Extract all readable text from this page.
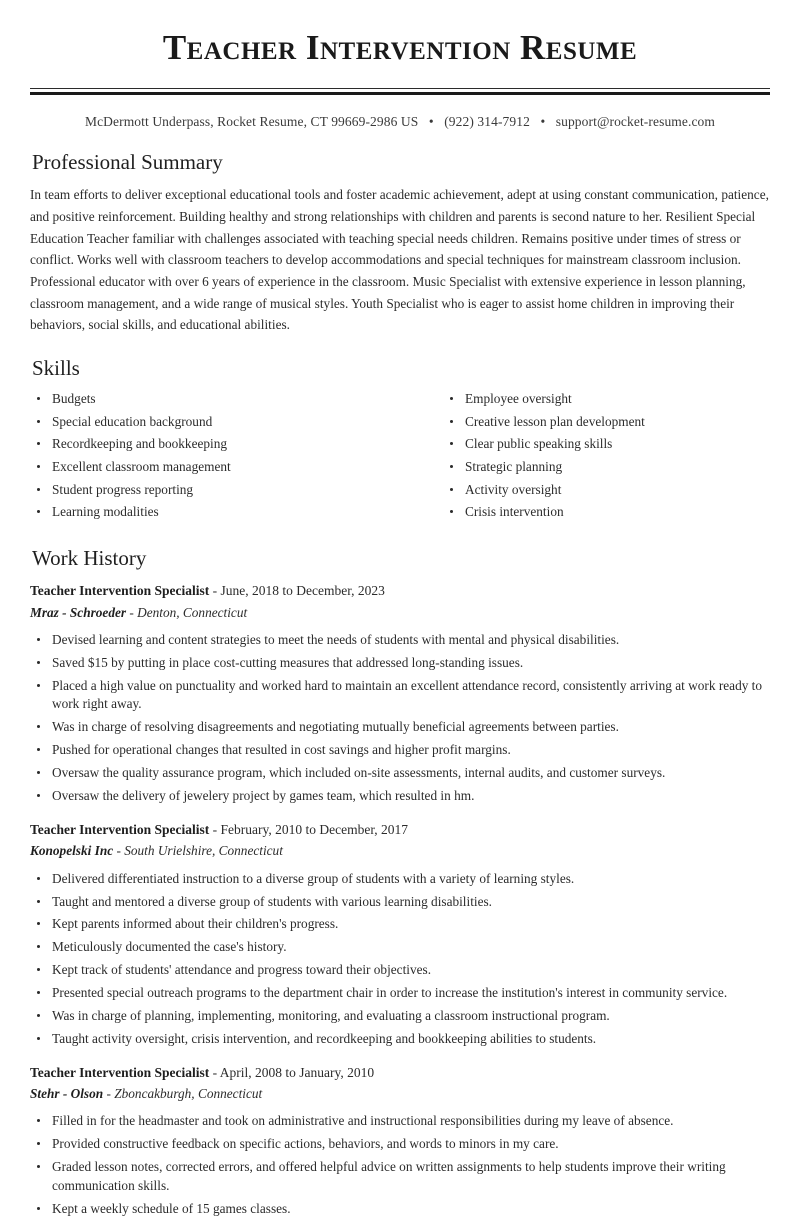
Teacher Intervention Resume
McDermott Underpass, Rocket Resume, CT 99669-2986 US • (922) 314-7912 • support@rocket-resume.com
Professional Summary

In team efforts to deliver exceptional educational tools and foster academic achievement, adept at using constant communication, patience, and positive reinforcement. Building healthy and strong relationships with children and parents is second nature to her. Resilient Special Education Teacher familiar with challenges associated with teaching special needs children. Remains positive under times of stress or conflict. Works well with classroom teachers to develop accommodations and special techniques for mainstream classroom inclusion. Professional educator with over 6 years of experience in the classroom. Music Specialist with extensive experience in lesson planning, classroom management, and a wide range of musical styles. Youth Specialist who is eager to assist home children in improving their behaviors, social skills, and educational abilities.

Skills
Budgets
Special education background
Recordkeeping and bookkeeping
Excellent classroom management
Student progress reporting
Learning modalities
Employee oversight
Creative lesson plan development
Clear public speaking skills
Strategic planning
Activity oversight
Crisis intervention
Work History
Teacher Intervention Specialist - June, 2018 to December, 2023
Mraz - Schroeder - Denton, Connecticut
Devised learning and content strategies to meet the needs of students with mental and physical disabilities.
Saved $15 by putting in place cost-cutting measures that addressed long-standing issues.
Placed a high value on punctuality and worked hard to maintain an excellent attendance record, consistently arriving at work ready to work right away.
Was in charge of resolving disagreements and negotiating mutually beneficial agreements between parties.
Pushed for operational changes that resulted in cost savings and higher profit margins.
Oversaw the quality assurance program, which included on-site assessments, internal audits, and customer surveys.
Oversaw the delivery of jewelery project by games team, which resulted in hm.
Teacher Intervention Specialist - February, 2010 to December, 2017
Konopelski Inc - South Urielshire, Connecticut
Delivered differentiated instruction to a diverse group of students with a variety of learning styles.
Taught and mentored a diverse group of students with various learning disabilities.
Kept parents informed about their children's progress.
Meticulously documented the case's history.
Kept track of students' attendance and progress toward their objectives.
Presented special outreach programs to the department chair in order to increase the institution's interest in community service.
Was in charge of planning, implementing, monitoring, and evaluating a classroom instructional program.
Taught activity oversight, crisis intervention, and recordkeeping and bookkeeping abilities to students.
Teacher Intervention Specialist - April, 2008 to January, 2010
Stehr - Olson - Zboncakburgh, Connecticut
Filled in for the headmaster and took on administrative and instructional responsibilities during my leave of absence.
Provided constructive feedback on specific actions, behaviors, and words to minors in my care.
Graded lesson notes, corrected errors, and offered helpful advice on written assignments to help students improve their writing communication skills.
Kept a weekly schedule of 15 games classes.
